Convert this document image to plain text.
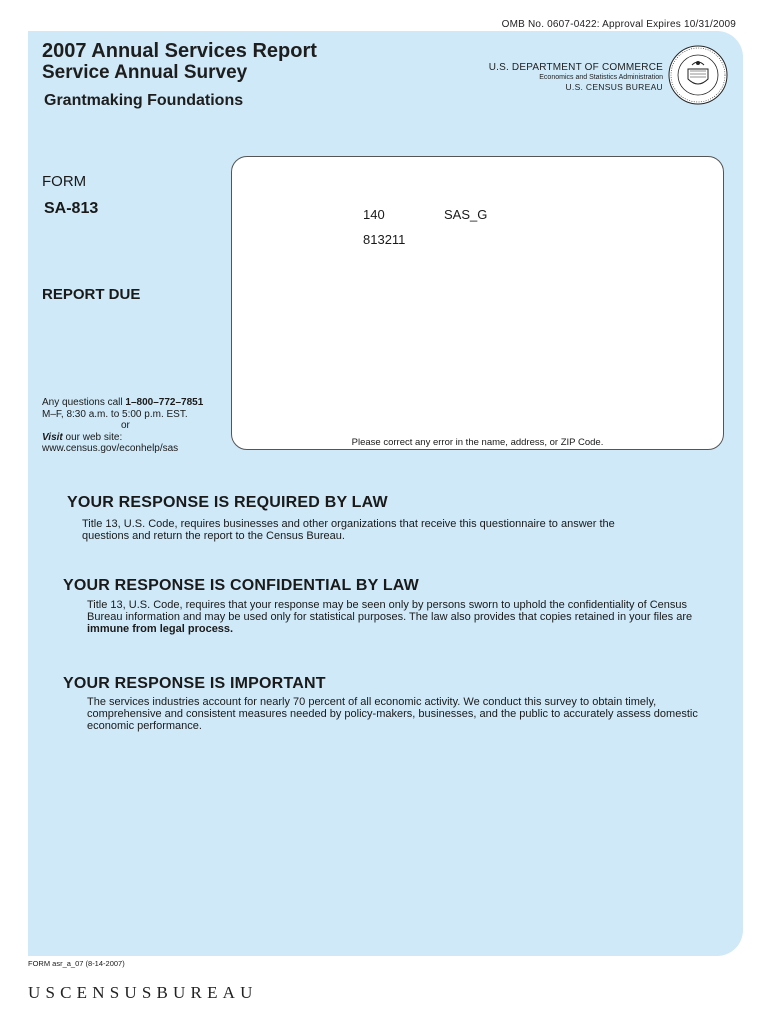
OMB No. 0607-0422: Approval Expires 10/31/2009
2007 Annual Services Report
Service Annual Survey
Grantmaking Foundations
U.S. DEPARTMENT OF COMMERCE
Economics and Statistics Administration
U.S. CENSUS BUREAU
FORM
SA-813
REPORT DUE
Any questions call 1–800–772–7851
M–F, 8:30 a.m. to 5:00 p.m. EST.
or
Visit our web site:
www.census.gov/econhelp/sas
140	SAS_G
813211
Please correct any error in the name, address, or ZIP Code.
YOUR RESPONSE IS REQUIRED BY LAW

Title 13, U.S. Code, requires businesses and other organizations that receive this questionnaire to answer the

questions and return the report to the Census Bureau.

YOUR RESPONSE IS CONFIDENTIAL BY LAW

Title 13, U.S. Code, requires that your response may be seen only by persons sworn to uphold the confidentiality of Census

Bureau information and may be used only for statistical purposes. The law also provides that copies retained in your files are

immune from legal process.

YOUR RESPONSE IS IMPORTANT

The services industries account for nearly 70 percent of all economic activity. We conduct this survey to obtain timely,

comprehensive and consistent measures needed by policy-makers, businesses, and the public to accurately assess domestic

economic performance.

FORM asr_a_07 (8-14-2007)
USCENSUSBUREAU
